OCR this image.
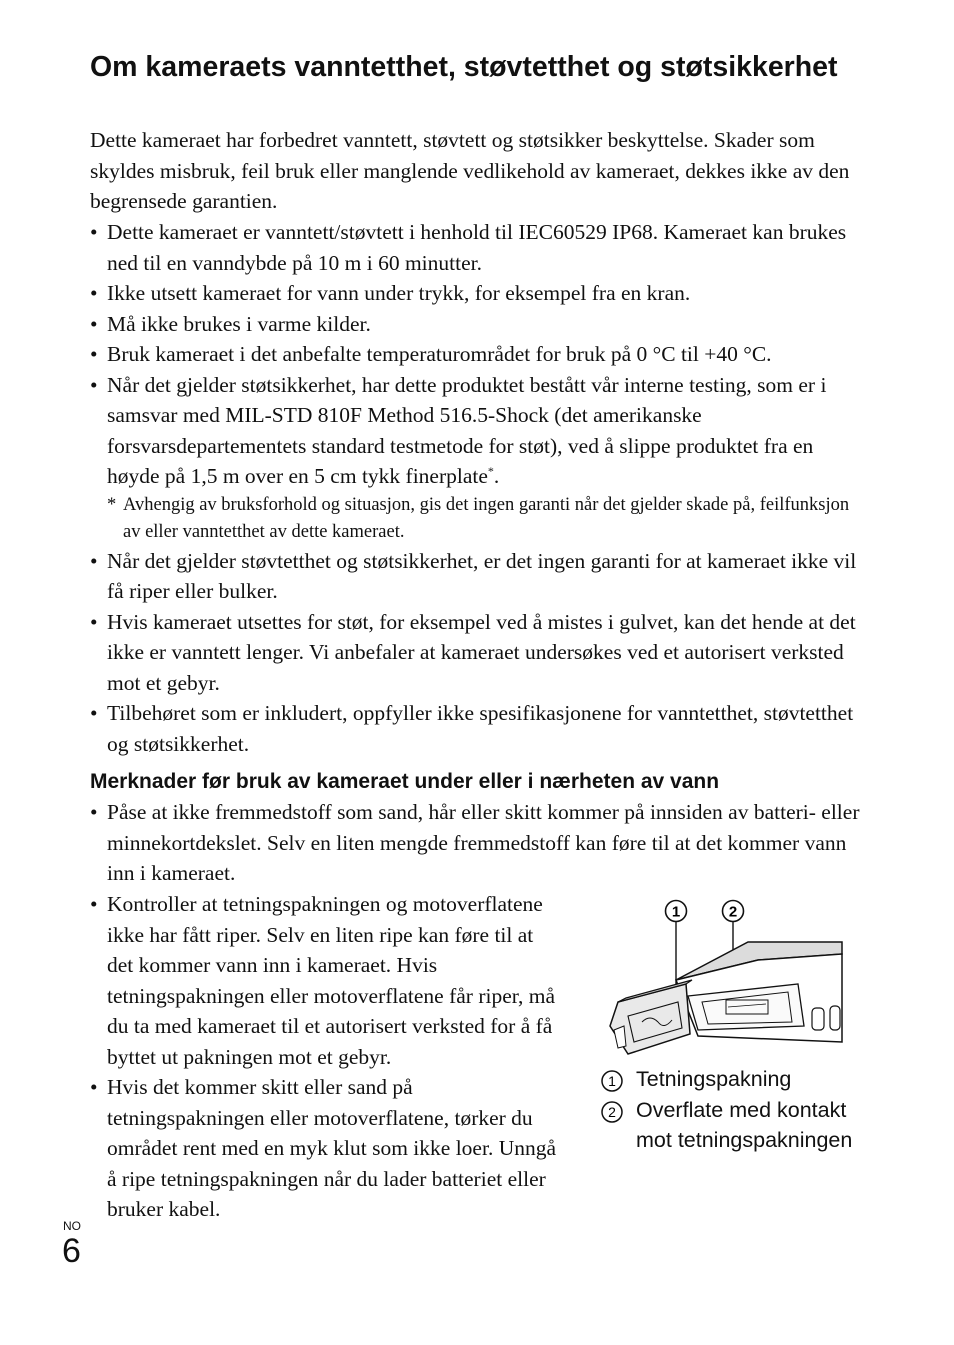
Om kameraets vanntetthet, støvtetthet og støtsikkerhet

Dette kameraet har forbedret vanntett, støvtett og støtsikker beskyttelse. Skader som skyldes misbruk, feil bruk eller manglende vedlikehold av kameraet, dekkes ikke av den begrensede garantien.

• Dette kameraet er vanntett/støvtett i henhold til IEC60529 IP68. Kameraet kan brukes ned til en vanndybde på 10 m i 60 minutter.
• Ikke utsett kameraet for vann under trykk, for eksempel fra en kran.
• Må ikke brukes i varme kilder.
• Bruk kameraet i det anbefalte temperaturområdet for bruk på 0 °C til +40 °C.
• Når det gjelder støtsikkerhet, har dette produktet bestått vår interne testing, som er i samsvar med MIL-STD 810F Method 516.5-Shock (det amerikanske forsvarsdepartementets standard testmetode for støt), ved å slippe produktet fra en høyde på 1,5 m over en 5 cm tykk finerplate*.
* Avhengig av bruksforhold og situasjon, gis det ingen garanti når det gjelder skade på, feilfunksjon av eller vanntetthet av dette kameraet.
• Når det gjelder støvtetthet og støtsikkerhet, er det ingen garanti for at kameraet ikke vil få riper eller bulker.
• Hvis kameraet utsettes for støt, for eksempel ved å mistes i gulvet, kan det hende at det ikke er vanntett lenger. Vi anbefaler at kameraet undersøkes ved et autorisert verksted mot et gebyr.
• Tilbehøret som er inkludert, oppfyller ikke spesifikasjonene for vanntetthet, støvtetthet og støtsikkerhet.
Merknader før bruk av kameraet under eller i nærheten av vann
• Påse at ikke fremmedstoff som sand, hår eller skitt kommer på innsiden av batteri- eller minnekortdekslet. Selv en liten mengde fremmedstoff kan føre til at det kommer vann inn i kameraet.
• Kontroller at tetningspakningen og motoverflatene ikke har fått riper. Selv en liten ripe kan føre til at det kommer vann inn i kameraet. Hvis tetningspakningen eller motoverflatene får riper, må du ta med kameraet til et autorisert verksted for å få byttet ut pakningen mot et gebyr.
• Hvis det kommer skitt eller sand på tetningspakningen eller motoverflatene, tørker du området rent med en myk klut som ikke loer. Unngå å ripe tetningspakningen når du lader batteriet eller bruker kabel.
1	2
1 Tetningspakning
2 Overflate med kontakt mot tetningspakningen
NO
6
